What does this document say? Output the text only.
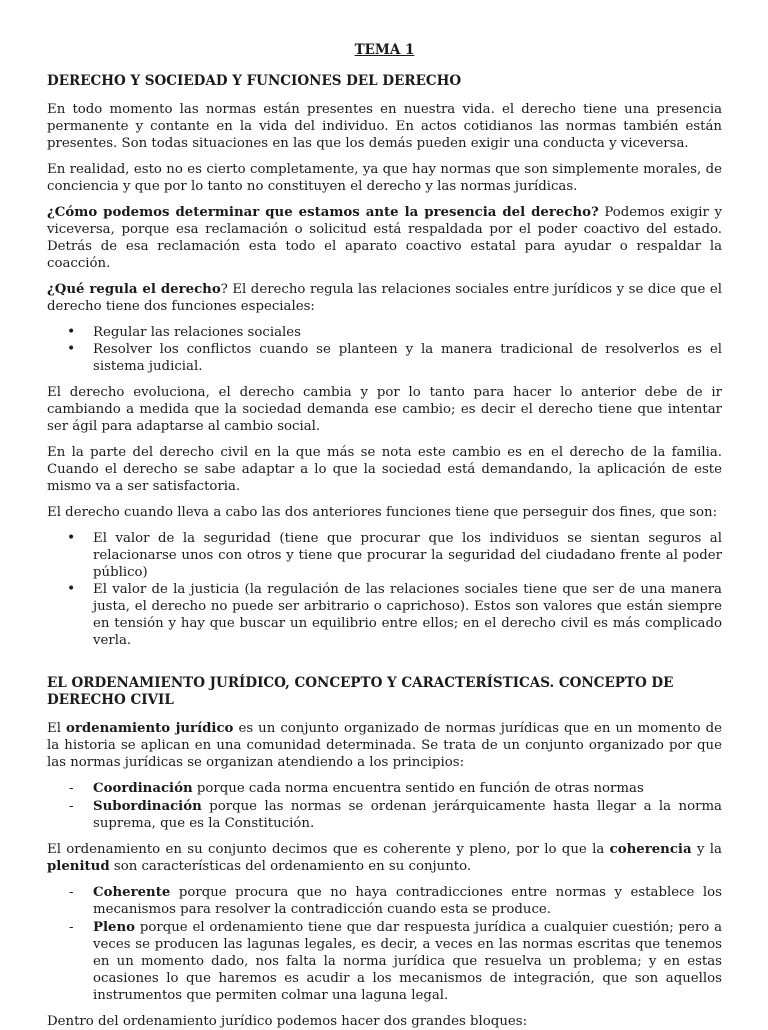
TEMA 1
DERECHO Y SOCIEDAD Y FUNCIONES DEL DERECHO

En todo momento las normas están presentes en nuestra vida. el derecho tiene una presencia permanente y contante en la vida del individuo. En actos cotidianos las normas también están presentes. Son todas situaciones en las que los demás pueden exigir una conducta y viceversa.

En realidad, esto no es cierto completamente, ya que hay normas que son simplemente morales, de conciencia y que por lo tanto no constituyen el derecho y las normas jurídicas.

¿Cómo podemos determinar que estamos ante la presencia del derecho? Podemos exigir y viceversa, porque esa reclamación o solicitud está respaldada por el poder coactivo del estado. Detrás de esa reclamación esta todo el aparato coactivo estatal para ayudar o respaldar la coacción.

¿Qué regula el derecho? El derecho regula las relaciones sociales entre jurídicos y se dice que el derecho tiene dos funciones especiales:

• Regular las relaciones sociales
• Resolver los conflictos cuando se planteen y la manera tradicional de resolverlos es el sistema judicial.

El derecho evoluciona, el derecho cambia y por lo tanto para hacer lo anterior debe de ir cambiando a medida que la sociedad demanda ese cambio; es decir el derecho tiene que intentar ser ágil para adaptarse al cambio social.

En la parte del derecho civil en la que más se nota este cambio es en el derecho de la familia. Cuando el derecho se sabe adaptar a lo que la sociedad está demandando, la aplicación de este mismo va a ser satisfactoria.

El derecho cuando lleva a cabo las dos anteriores funciones tiene que perseguir dos fines, que son:

• El valor de la seguridad (tiene que procurar que los individuos se sientan seguros al relacionarse unos con otros y tiene que procurar la seguridad del ciudadano frente al poder público)
• El valor de la justicia (la regulación de las relaciones sociales tiene que ser de una manera justa, el derecho no puede ser arbitrario o caprichoso). Estos son valores que están siempre en tensión y hay que buscar un equilibrio entre ellos; en el derecho civil es más complicado verla.
EL ORDENAMIENTO JURÍDICO, CONCEPTO Y CARACTERÍSTICAS. CONCEPTO DE DERECHO CIVIL

El ordenamiento jurídico es un conjunto organizado de normas jurídicas que en un momento de la historia se aplican en una comunidad determinada. Se trata de un conjunto organizado por que las normas jurídicas se organizan atendiendo a los principios:

- Coordinación porque cada norma encuentra sentido en función de otras normas
- Subordinación porque las normas se ordenan jerárquicamente hasta llegar a la norma suprema, que es la Constitución.

El ordenamiento en su conjunto decimos que es coherente y pleno, por lo que la coherencia y la plenitud son características del ordenamiento en su conjunto.

- Coherente porque procura que no haya contradicciones entre normas y establece los mecanismos para resolver la contradicción cuando esta se produce.
- Pleno porque el ordenamiento tiene que dar respuesta jurídica a cualquier cuestión; pero a veces se producen las lagunas legales, es decir, a veces en las normas escritas que tenemos en un momento dado, nos falta la norma jurídica que resuelva un problema; y en estas ocasiones lo que haremos es acudir a los mecanismos de integración, que son aquellos instrumentos que permiten colmar una laguna legal.

Dentro del ordenamiento jurídico podemos hacer dos grandes bloques:
